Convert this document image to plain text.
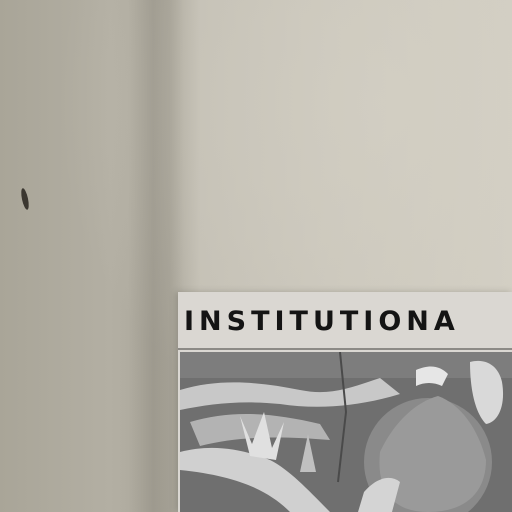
INSTITUTIONA
